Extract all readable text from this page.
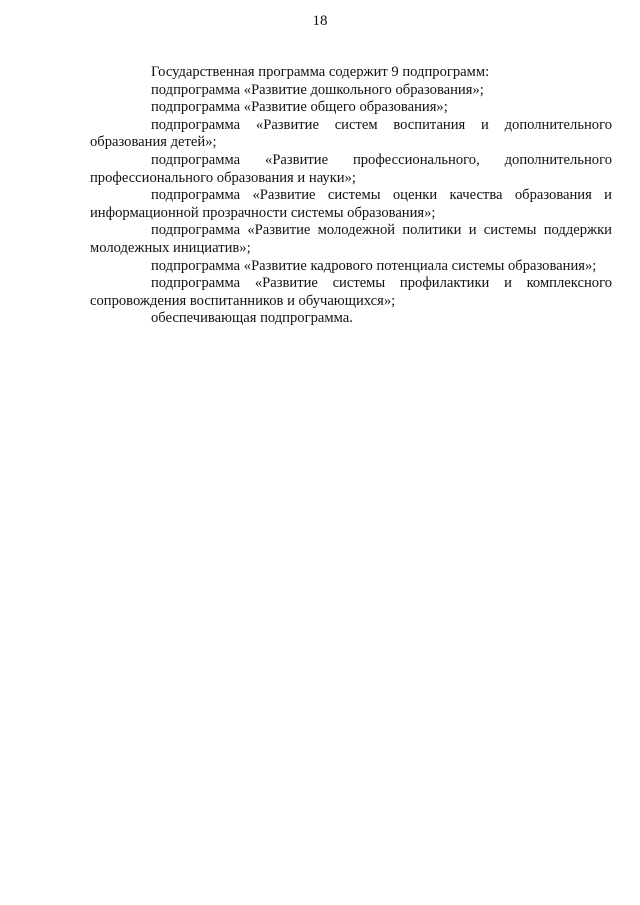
18

Государственная программа содержит 9 подпрограмм:

подпрограмма «Развитие дошкольного образования»;

подпрограмма «Развитие общего образования»;

подпрограмма «Развитие систем воспитания и дополнительного образования детей»;

подпрограмма «Развитие профессионального, дополнительного профессионального образования и науки»;

подпрограмма «Развитие системы оценки качества образования и информационной прозрачности системы образования»;

подпрограмма «Развитие молодежной политики и системы поддержки молодежных инициатив»;

подпрограмма «Развитие кадрового потенциала системы образования»;

подпрограмма «Развитие системы профилактики и комплексного сопровождения воспитанников и обучающихся»;

обеспечивающая подпрограмма.
